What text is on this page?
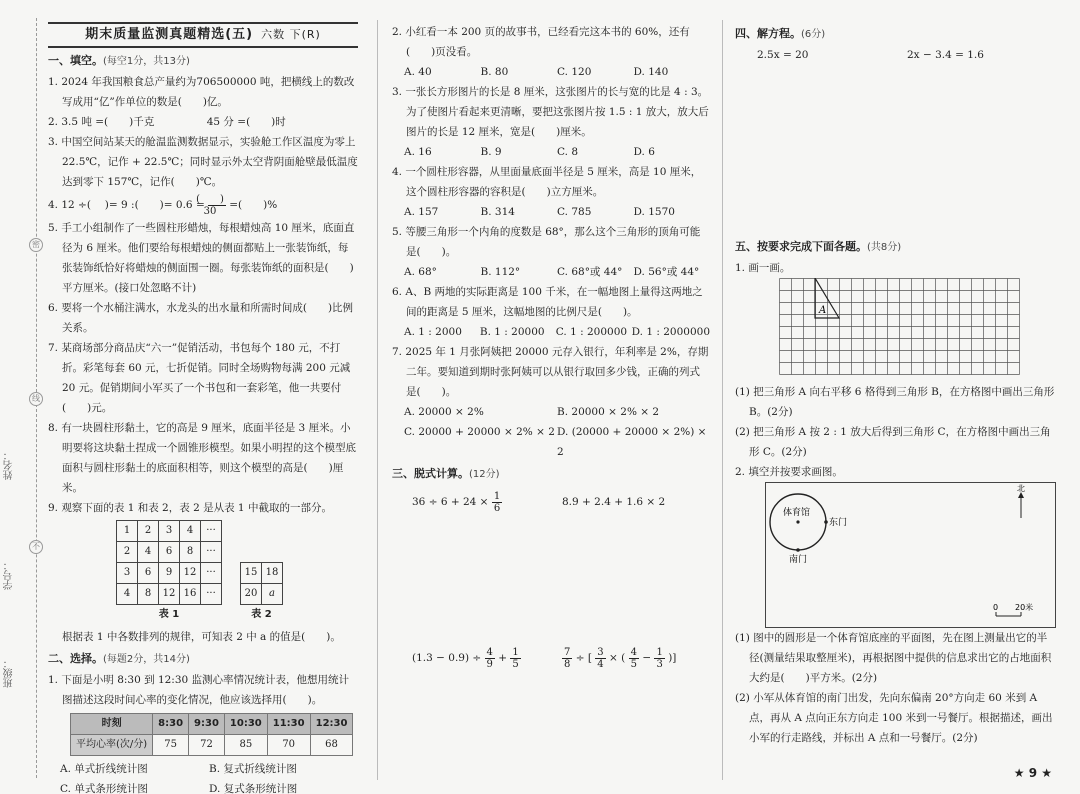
密
线
不
姓名：
学号：
班级：
期末质量监测真题精选(五) 六数 下(R)
一、填空。(每空1分，共13分)

1. 2024 年我国粮食总产量约为706500000 吨，把横线上的数改写成用“亿”作单位的数是(　　)亿。

2. 3.5 吨 =(　　)千克　　　　　	45 分 =(　　)时

3. 中国空间站某天的舱温监测数据显示，实验舱工作区温度为零上 22.5℃，记作 + 22.5℃；同时显示外太空背阴面舱壁最低温度达到零下 157℃，记作(　　)℃。

4. 12 ÷(　 )= 9 :(　　)= $0.6 = \frac{( )}{30}$ =(　　)%

5. 手工小组制作了一些圆柱形蜡烛，每根蜡烛高 10 厘米，底面直径为 6 厘米。他们要给每根蜡烛的侧面都贴上一张装饰纸，每张装饰纸恰好将蜡烛的侧面围一圈。每张装饰纸的面积是(　　)平方厘米。(接口处忽略不计)

6. 要将一个水桶注满水，水龙头的出水量和所需时间成(　　)比例关系。

7. 某商场部分商品庆“六一”促销活动，书包每个 180 元，不打折。彩笔每套 60 元，七折促销。同时全场购物每满 200 元减 20 元。促销期间小军买了一个书包和一套彩笔，他一共要付(　　)元。

8. 有一块圆柱形黏土，它的高是 9 厘米，底面半径是 3 厘米。小明要将这块黏土捏成一个圆锥形模型。如果小明捏的这个模型底面积与圆柱形黏土的底面积相等，则这个模型的高是(　　)厘米。

9. 观察下面的表 1 和表 2，表 2 是从表 1 中截取的一部分。

1	2	3	4	···
2	4	6	8	···
3	6	9	12	···
4	8	12	16	···
表 1
15	18
20	a
表 2

根据表 1 中各数排列的规律，可知表 2 中 a 的值是(　　)。

二、选择。(每题2分，共14分)

1. 下面是小明 8:30 到 12:30 监测心率情况统计表，他想用统计图描述这段时间心率的变化情况，他应该选择用(　　)。

时刻	8:30	9:30	10:30	11:30	12:30
平均心率(次/分)	75	72	85	70	68
A. 单式折线统计图	B. 复式折线统计图
C. 单式条形统计图	D. 复式条形统计图

2. 小红看一本 200 页的故事书，已经看完这本书的 60%，还有(　　)页没看。

A. 40	B. 80	C. 120	D. 140

3. 一张长方形图片的长是 8 厘米，这张图片的长与宽的比是 4 : 3。为了使图片看起来更清晰，要把这张图片按 1.5 : 1 放大，放大后图片的长是 12 厘米，宽是(　　)厘米。

A. 16	B. 9	C. 8	D. 6

4. 一个圆柱形容器，从里面量底面半径是 5 厘米，高是 10 厘米，这个圆柱形容器的容积是(　　)立方厘米。

A. 157	B. 314	C. 785	D. 1570

5. 等腰三角形一个内角的度数是 68°，那么这个三角形的顶角可能是(　　)。

A. 68°	B. 112°	C. 68°或 44°	D. 56°或 44°

6. A、B 两地的实际距离是 100 千米，在一幅地图上量得这两地之间的距离是 5 厘米，这幅地图的比例尺是(　　)。

A. 1 : 2000	B. 1 : 20000	C. 1 : 200000 D. 1 : 2000000

7. 2025 年 1 月张阿姨把 20000 元存入银行，年利率是 2%，存期二年。要知道到期时张阿姨可以从银行取回多少钱，正确的列式是(　　)。

A. 20000 × 2%	B. 20000 × 2% × 2
C. 20000 + 20000 × 2% × 2 D. (20000 + 20000 × 2%) × 2
三、脱式计算。(12分)
$36 \div 6 + 24 \times \frac{1}{6}$	8.9 + 2.4 + 1.6 × 2
$(1.3 - 0.9) \div \frac{4}{9} + \frac{1}{5}$	$\frac{7}{8}$ ÷ [ $\frac{3}{4}$ × ( $\frac{4}{5} - \frac{1}{3}$ )]
四、解方程。(6分)
2.5x = 20	2x − 3.4 = 1.6
五、按要求完成下面各题。(共8分)

1. 画一画。

A

(1) 把三角形 A 向右平移 6 格得到三角形 B，在方格图中画出三角形 B。(2分)

(2) 把三角形 A 按 2 : 1 放大后得到三角形 C，在方格图中画出三角形 C。(2分)

2. 填空并按要求画图。

体育馆
东门
南门
北
0 20米

(1) 图中的圆形是一个体育馆底座的平面图，先在图上测量出它的半径(测量结果取整厘米)，再根据图中提供的信息求出它的占地面积大约是(　　)平方米。(2分)

(2) 小军从体育馆的南门出发，先向东偏南 20°方向走 60 米到 A 点，再从 A 点向正东方向走 100 米到一号餐厅。根据描述，画出小军的行走路线，并标出 A 点和一号餐厅。(2分)

★ 9 ★
